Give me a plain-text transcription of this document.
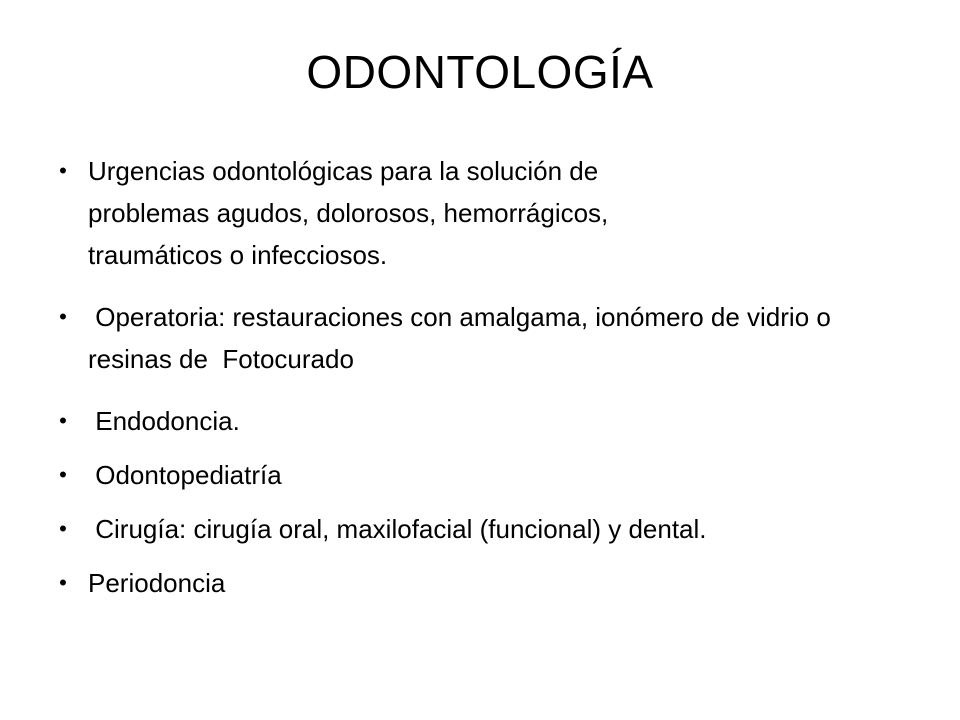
ODONTOLOGÍA
• Urgencias odontológicas para la solución de problemas agudos, dolorosos, hemorrágicos, traumáticos o infecciosos.
• Operatoria: restauraciones con amalgama, ionómero de vidrio o resinas de  Fotocurado
• Endodoncia.
• Odontopediatría
• Cirugía: cirugía oral, maxilofacial (funcional) y dental.
• Periodoncia
